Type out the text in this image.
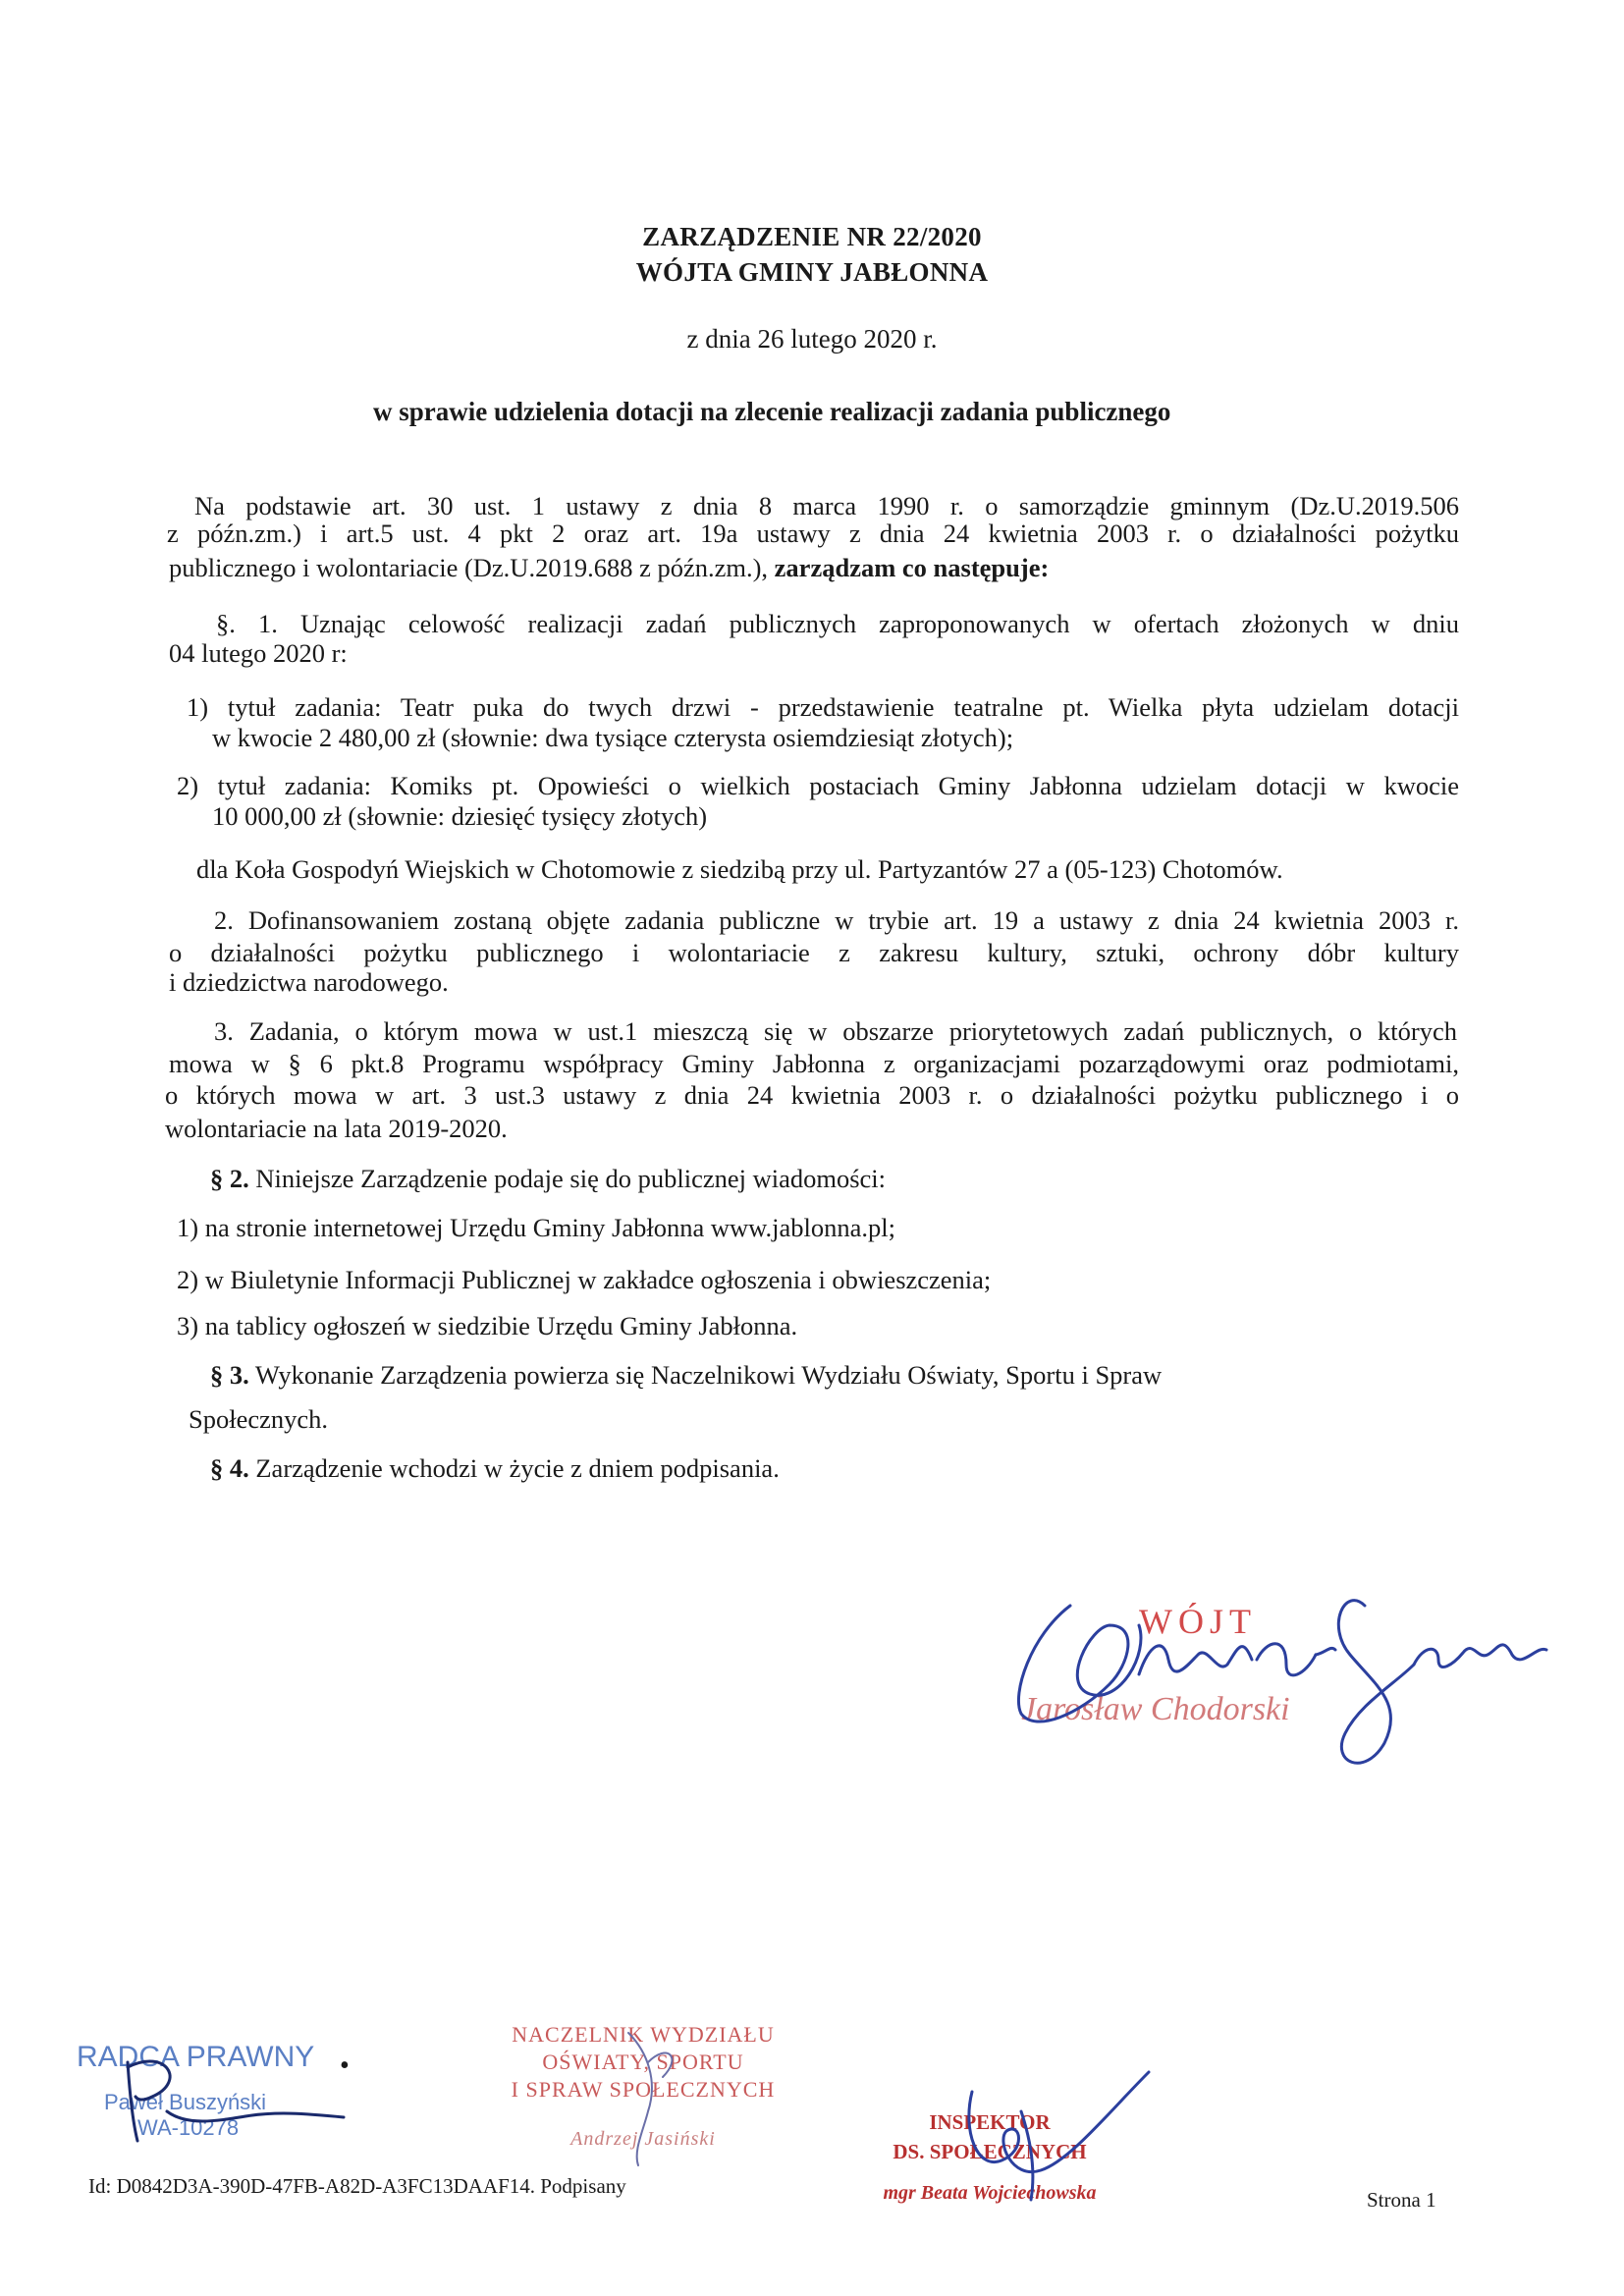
ZARZĄDZENIE NR 22/2020
WÓJTA GMINY JABŁONNA
z dnia 26 lutego 2020 r.
w sprawie udzielenia dotacji na zlecenie realizacji zadania publicznego
Na podstawie art. 30 ust. 1 ustawy z dnia 8 marca 1990 r. o samorządzie gminnym (Dz.U.2019.506
z późn.zm.) i art.5 ust. 4 pkt 2 oraz art. 19a ustawy z dnia 24 kwietnia 2003 r. o działalności pożytku
publicznego i wolontariacie (Dz.U.2019.688 z późn.zm.), zarządzam co następuje:
§. 1. Uznając celowość realizacji zadań publicznych zaproponowanych w ofertach złożonych w dniu
04 lutego 2020 r:
1) tytuł zadania: Teatr puka do twych drzwi - przedstawienie teatralne pt. Wielka płyta udzielam dotacji
w kwocie 2 480,00 zł (słownie: dwa tysiące czterysta osiemdziesiąt złotych);
2) tytuł zadania: Komiks pt. Opowieści o wielkich postaciach Gminy Jabłonna udzielam dotacji w kwocie
10 000,00 zł (słownie: dziesięć tysięcy złotych)
dla Koła Gospodyń Wiejskich w Chotomowie z siedzibą przy ul. Partyzantów 27 a (05-123) Chotomów.
2. Dofinansowaniem zostaną objęte zadania publiczne w trybie art. 19 a ustawy z dnia 24 kwietnia 2003 r.
o działalności pożytku publicznego i wolontariacie z zakresu kultury, sztuki, ochrony dóbr kultury
i dziedzictwa narodowego.
3. Zadania, o którym mowa w ust.1 mieszczą się w obszarze priorytetowych zadań publicznych, o których
mowa w § 6 pkt.8 Programu współpracy Gminy Jabłonna z organizacjami pozarządowymi oraz podmiotami,
o których mowa w art. 3 ust.3 ustawy z dnia 24 kwietnia 2003 r. o działalności pożytku publicznego i o
wolontariacie na lata 2019-2020.
§ 2. Niniejsze Zarządzenie podaje się do publicznej wiadomości:
1) na stronie internetowej Urzędu Gminy Jabłonna www.jablonna.pl;
2) w Biuletynie Informacji Publicznej w zakładce ogłoszenia i obwieszczenia;
3) na tablicy ogłoszeń w siedzibie Urzędu Gminy Jabłonna.
§ 3. Wykonanie Zarządzenia powierza się Naczelnikowi Wydziału Oświaty, Sportu i Spraw
Społecznych.
§ 4. Zarządzenie wchodzi w życie z dniem podpisania.
WÓJT
Jarosław Chodorski
RADCA PRAWNY
Paweł Buszyński
WA-10278
•
NACZELNIK WYDZIAŁU
OŚWIATY, SPORTU
I SPRAW SPOŁECZNYCH
Andrzej Jasiński
INSPEKTOR
DS. SPOŁECZNYCH
mgr Beata Wojciechowska
Id: D0842D3A-390D-47FB-A82D-A3FC13DAAF14. Podpisany
Strona 1
